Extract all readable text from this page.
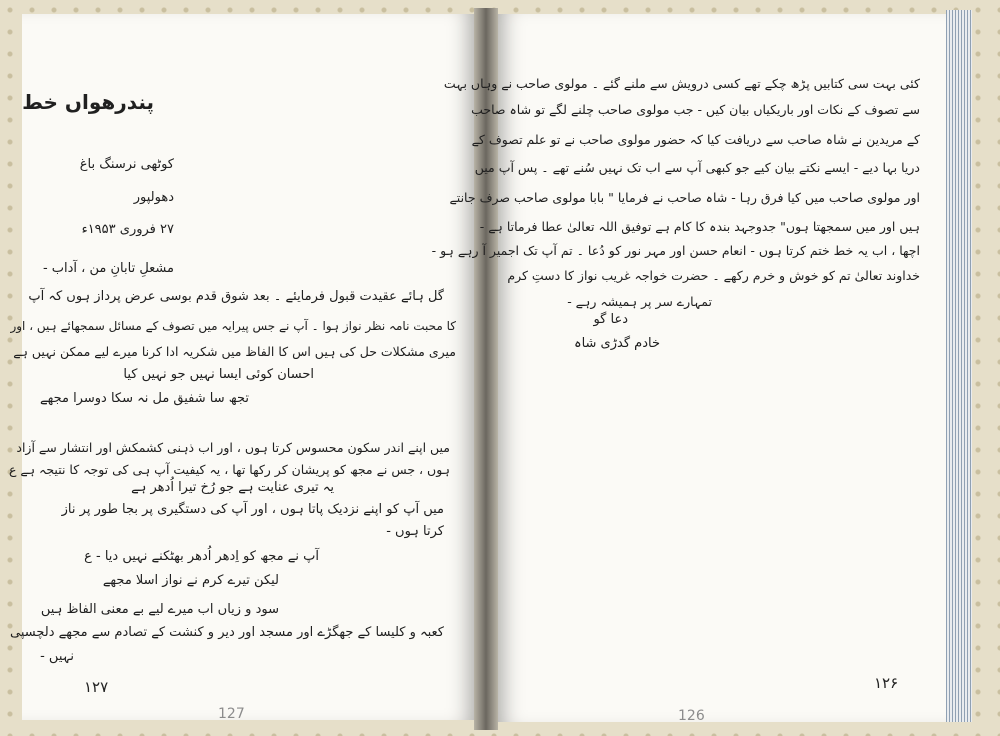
پندرھواں خط
کوٹھی نرسنگ باغ
دھولپور
۲۷ فروری ۱۹۵۳ء
مشعلِ تابانِ من ، آداب -
گل ہائے عقیدت قبول فرمایئے ۔ بعد شوق قدم بوسی عرض پرداز ہوں کہ آپ
کا محبت نامہ نظر نواز ہوا ۔ آپ نے جس پیرایہ میں تصوف کے مسائل سمجھائے ہیں ، اور
میری مشکلات حل کی ہیں اس کا الفاظ میں شکریہ ادا کرنا میرے لیے ممکن نہیں ہے
احسان کوئی ایسا نہیں جو نہیں کیا
تجھ سا شفیق مل نہ سکا دوسرا مجھے
میں اپنے اندر سکون محسوس کرتا ہوں ، اور اب ذہنی کشمکش اور انتشار سے آزاد
ہوں ، جس نے مجھ کو پریشان کر رکھا تھا ، یہ کیفیت آپ ہی کی توجہ کا نتیجہ ہے ع
یہ تیری عنایت ہے جو رُخ تیرا اُدھر ہے
میں آپ کو اپنے نزدیک پاتا ہوں ، اور آپ کی دستگیری پر بجا طور پر ناز
کرتا ہوں -
آپ نے مجھ کو اِدھر اُدھر بھٹکنے نہیں دیا - ع
لیکن تیرے کرم نے نواز اسلا مجھے
سود و زیاں اب میرے لیے بے معنی الفاظ ہیں
کعبہ و کلیسا کے جھگڑے اور مسجد اور دیر و کنشت کے تصادم سے مجھے دلچسپی
نہیں -
۱۲۷
127
کئی بہت سی کتابیں پڑھ چکے تھے کسی درویش سے ملنے گئے ۔ مولوی صاحب نے وہاں بہت
سے تصوف کے نکات اور باریکیاں بیان کیں - جب مولوی صاحب چلنے لگے تو شاہ صاحب
کے مریدین نے شاہ صاحب سے دریافت کیا کہ حضور مولوی صاحب نے تو علم تصوف کے
دریا بہا دیے - ایسے نکتے بیان کیے جو کبھی آپ سے اب تک نہیں سُنے تھے ۔ پس آپ میں
اور مولوی صاحب میں کیا فرق رہا - شاہ صاحب نے فرمایا " بابا مولوی صاحب صرف جانتے
ہیں اور میں سمجھتا ہوں" جدوجہد بندہ کا کام ہے توفیق اللہ تعالیٰ عطا فرماتا ہے -
اچھا ، اب یہ خط ختم کرتا ہوں - انعام حسن اور مہر نور کو دُعا ۔ تم آپ تک اجمیر آ رہے ہو -
خداوند تعالیٰ تم کو خوش و خرم رکھے ۔ حضرت خواجہ غریب نواز کا دستِ کرم
تمہارے سر پر ہمیشہ رہے -
دعا گو
خادم گدڑی شاہ
۱۲۶
126
